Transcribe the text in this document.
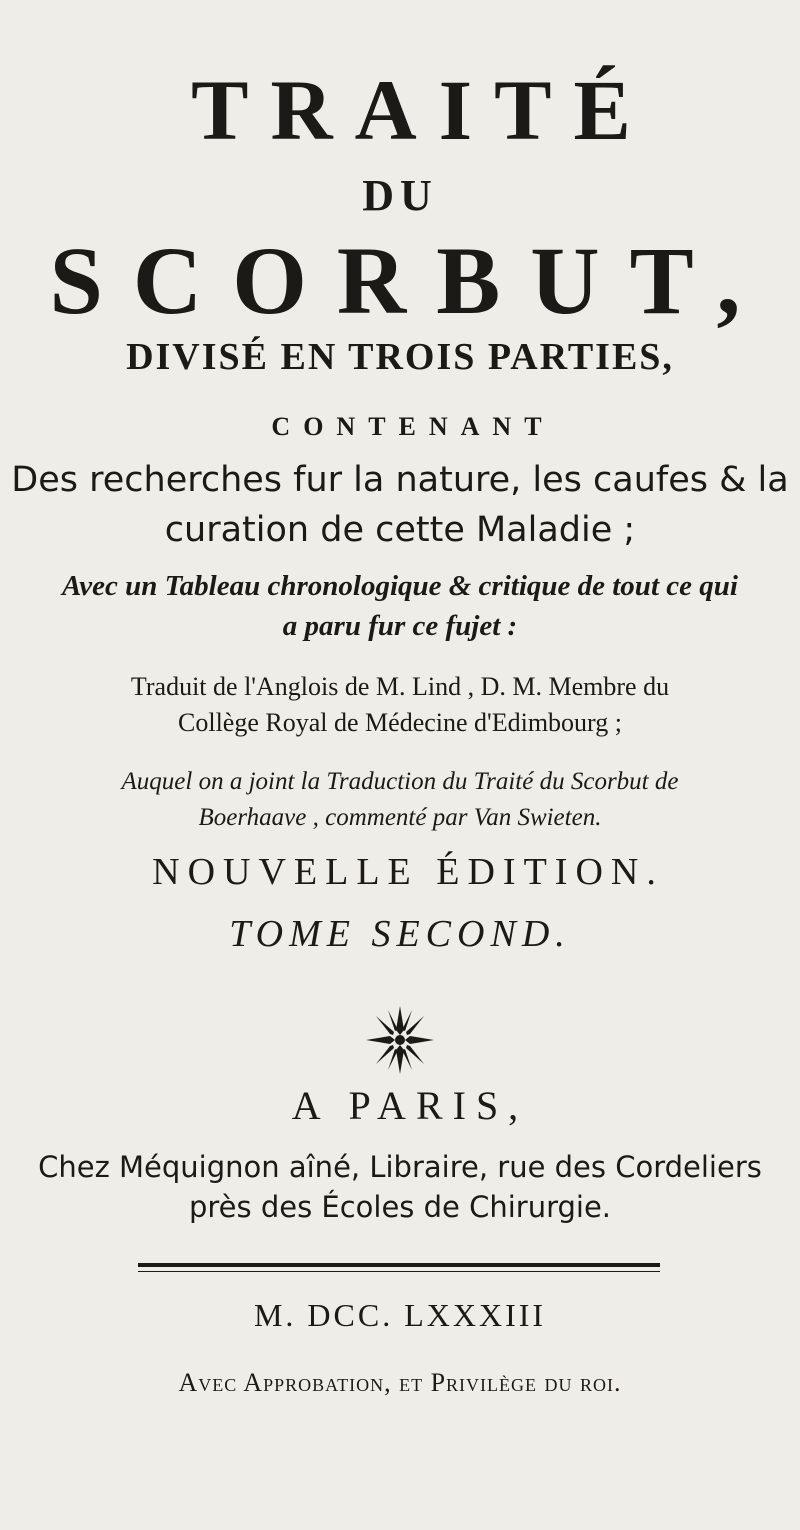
TRAITÉ
DU
SCORBUT,
DIVISÉ EN TROIS PARTIES,
CONTENANT
Des recherches fur la nature, les caufes & la
curation de cette Maladie ;
Avec un Tableau chronologique & critique de tout ce qui
a paru fur ce fujet :
Traduit de l'Anglois de M. Lind , D. M. Membre du
Collège Royal de Médecine d'Edimbourg ;
Auquel on a joint la Traduction du Traité du Scorbut de
Boerhaave , commenté par Van Swieten.
NOUVELLE ÉDITION.
TOME SECOND.
A PARIS,
Chez Méquignon aîné, Libraire, rue des Cordeliers
près des Écoles de Chirurgie.
M. DCC. LXXXIII
Avec Approbation, et Privilège du roi.
